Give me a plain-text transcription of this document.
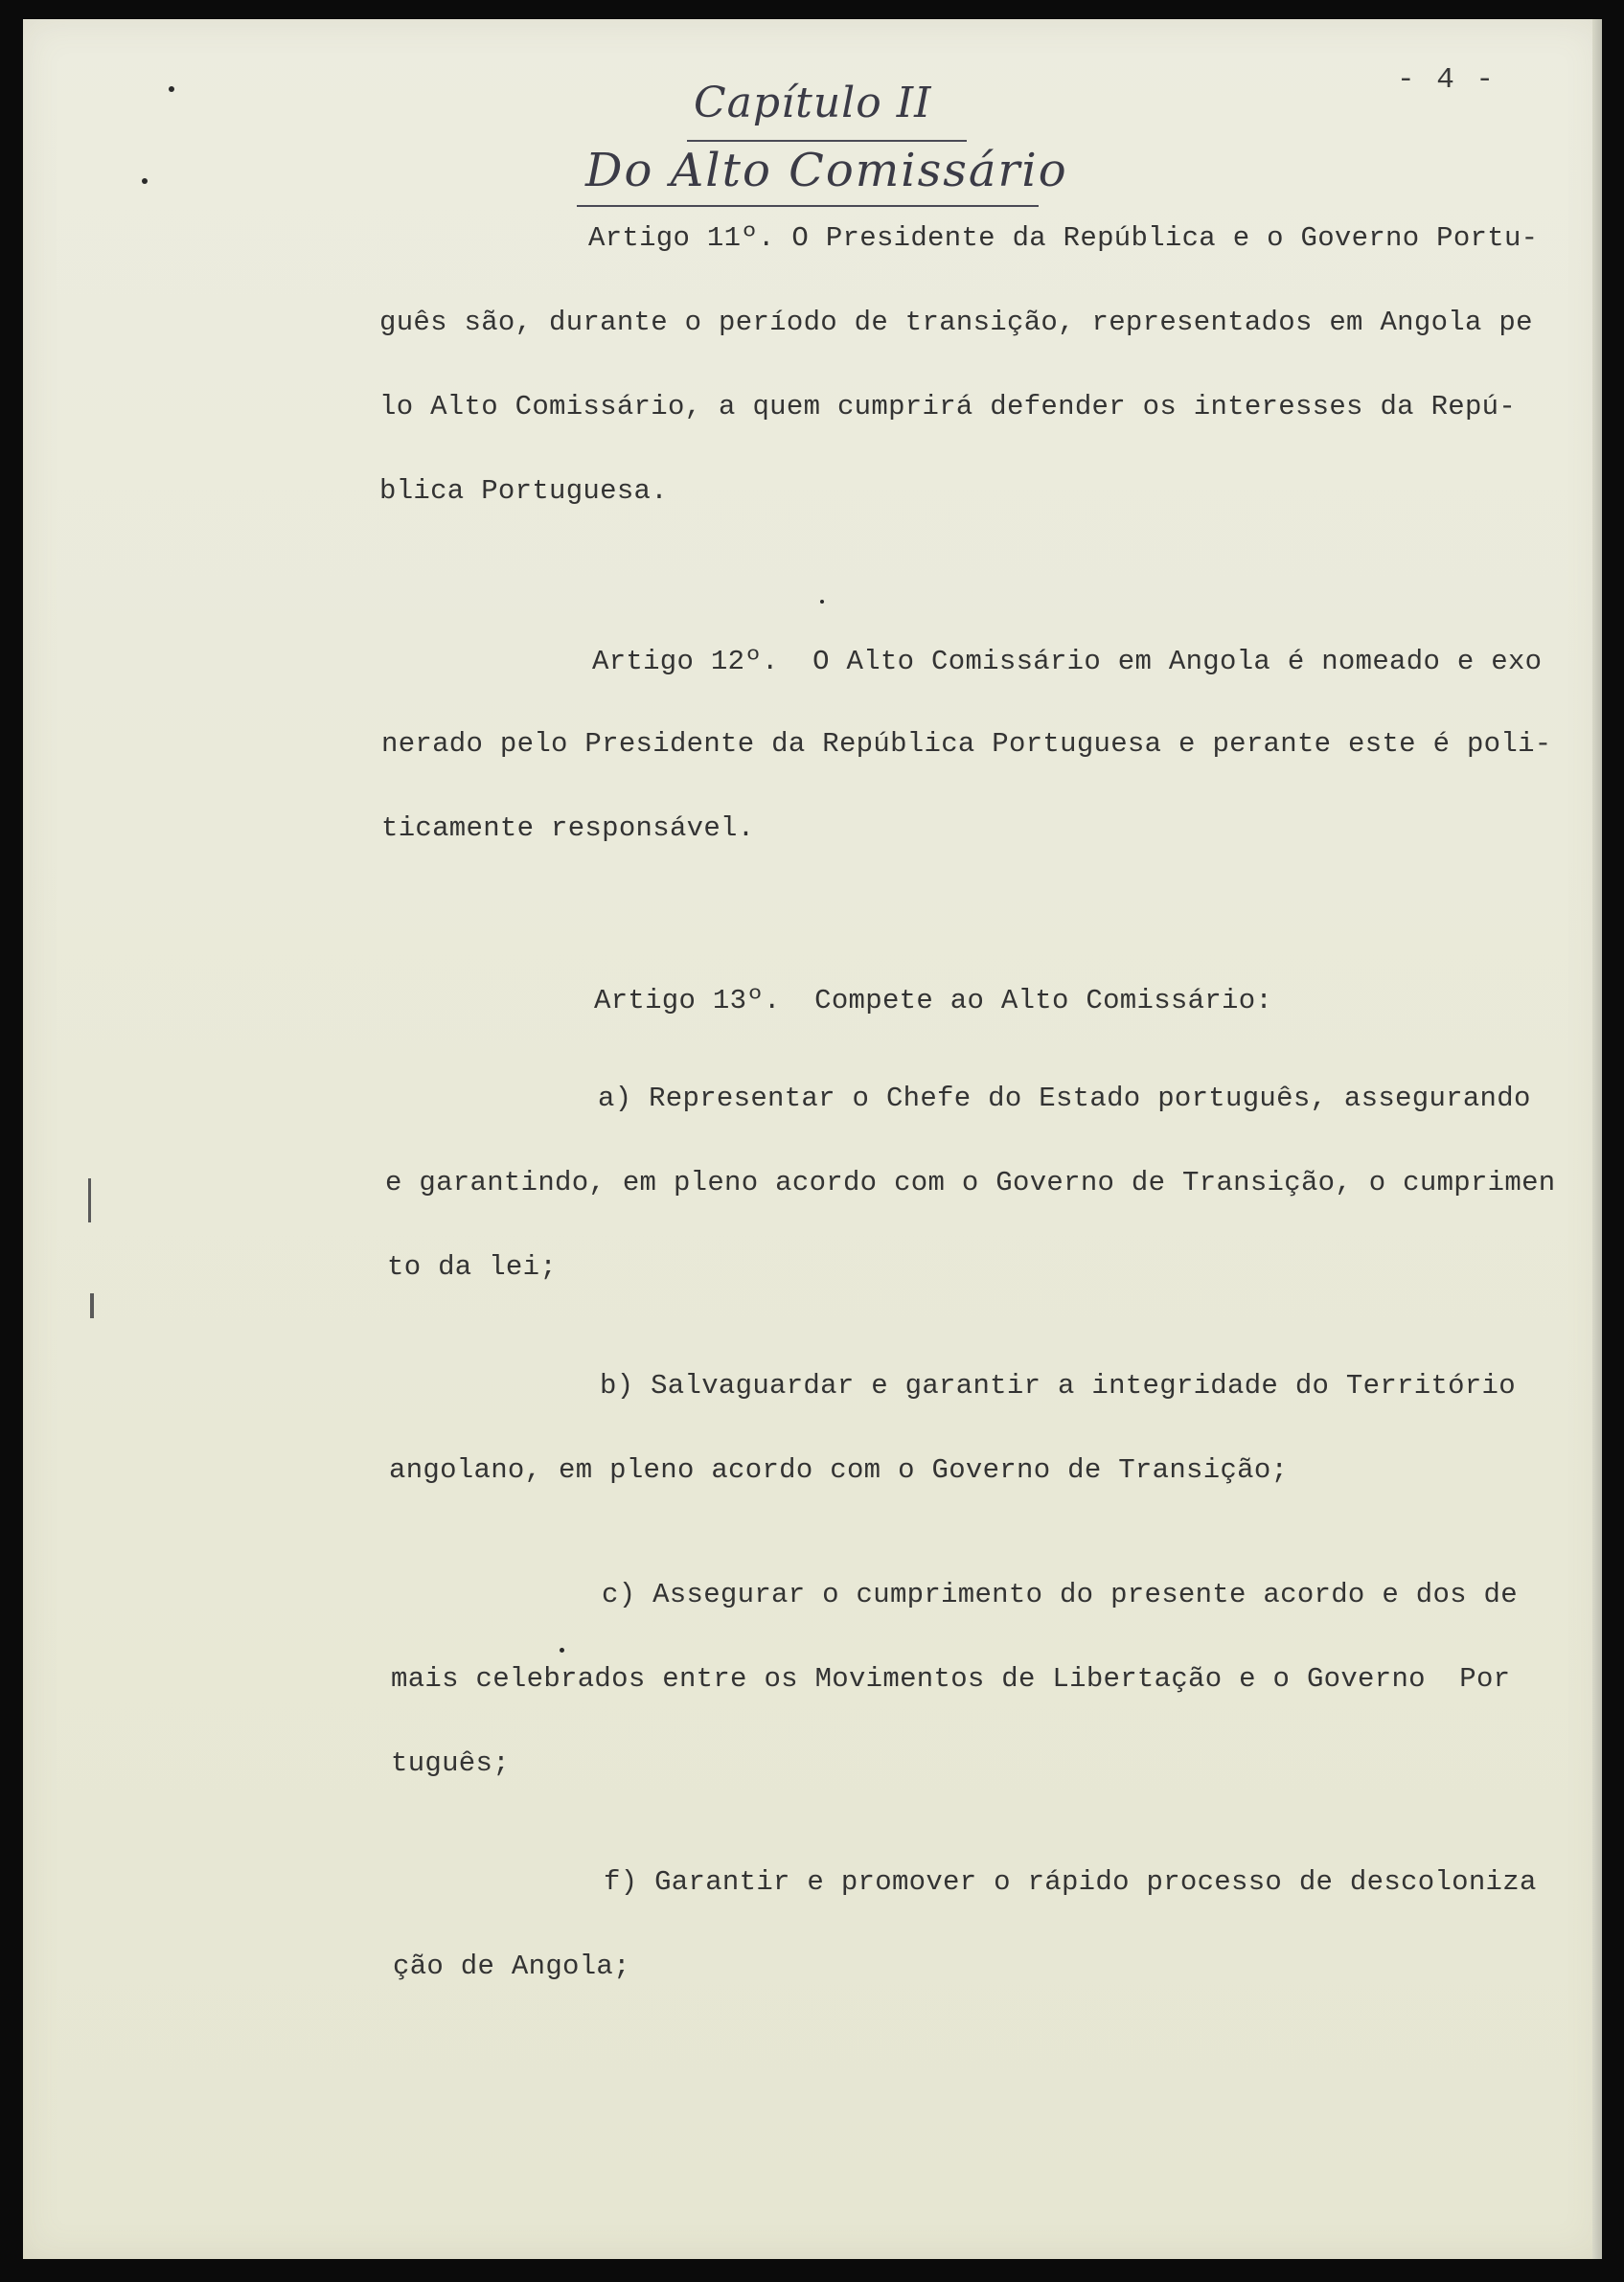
- 4 -
Capítulo II
Do Alto Comissário
Artigo 11º. O Presidente da República e o Governo Portu-
guês são, durante o período de transição, representados em Angola pe
lo Alto Comissário, a quem cumprirá defender os interesses da Repú-
blica Portuguesa.
Artigo 12º.  O Alto Comissário em Angola é nomeado e exo
nerado pelo Presidente da República Portuguesa e perante este é poli-
ticamente responsável.
Artigo 13º.  Compete ao Alto Comissário:
a) Representar o Chefe do Estado português, assegurando
e garantindo, em pleno acordo com o Governo de Transição, o cumprimen
to da lei;
b) Salvaguardar e garantir a integridade do Território
angolano, em pleno acordo com o Governo de Transição;
c) Assegurar o cumprimento do presente acordo e dos de
mais celebrados entre os Movimentos de Libertação e o Governo  Por
tuguês;
f) Garantir e promover o rápido processo de descoloniza
ção de Angola;
